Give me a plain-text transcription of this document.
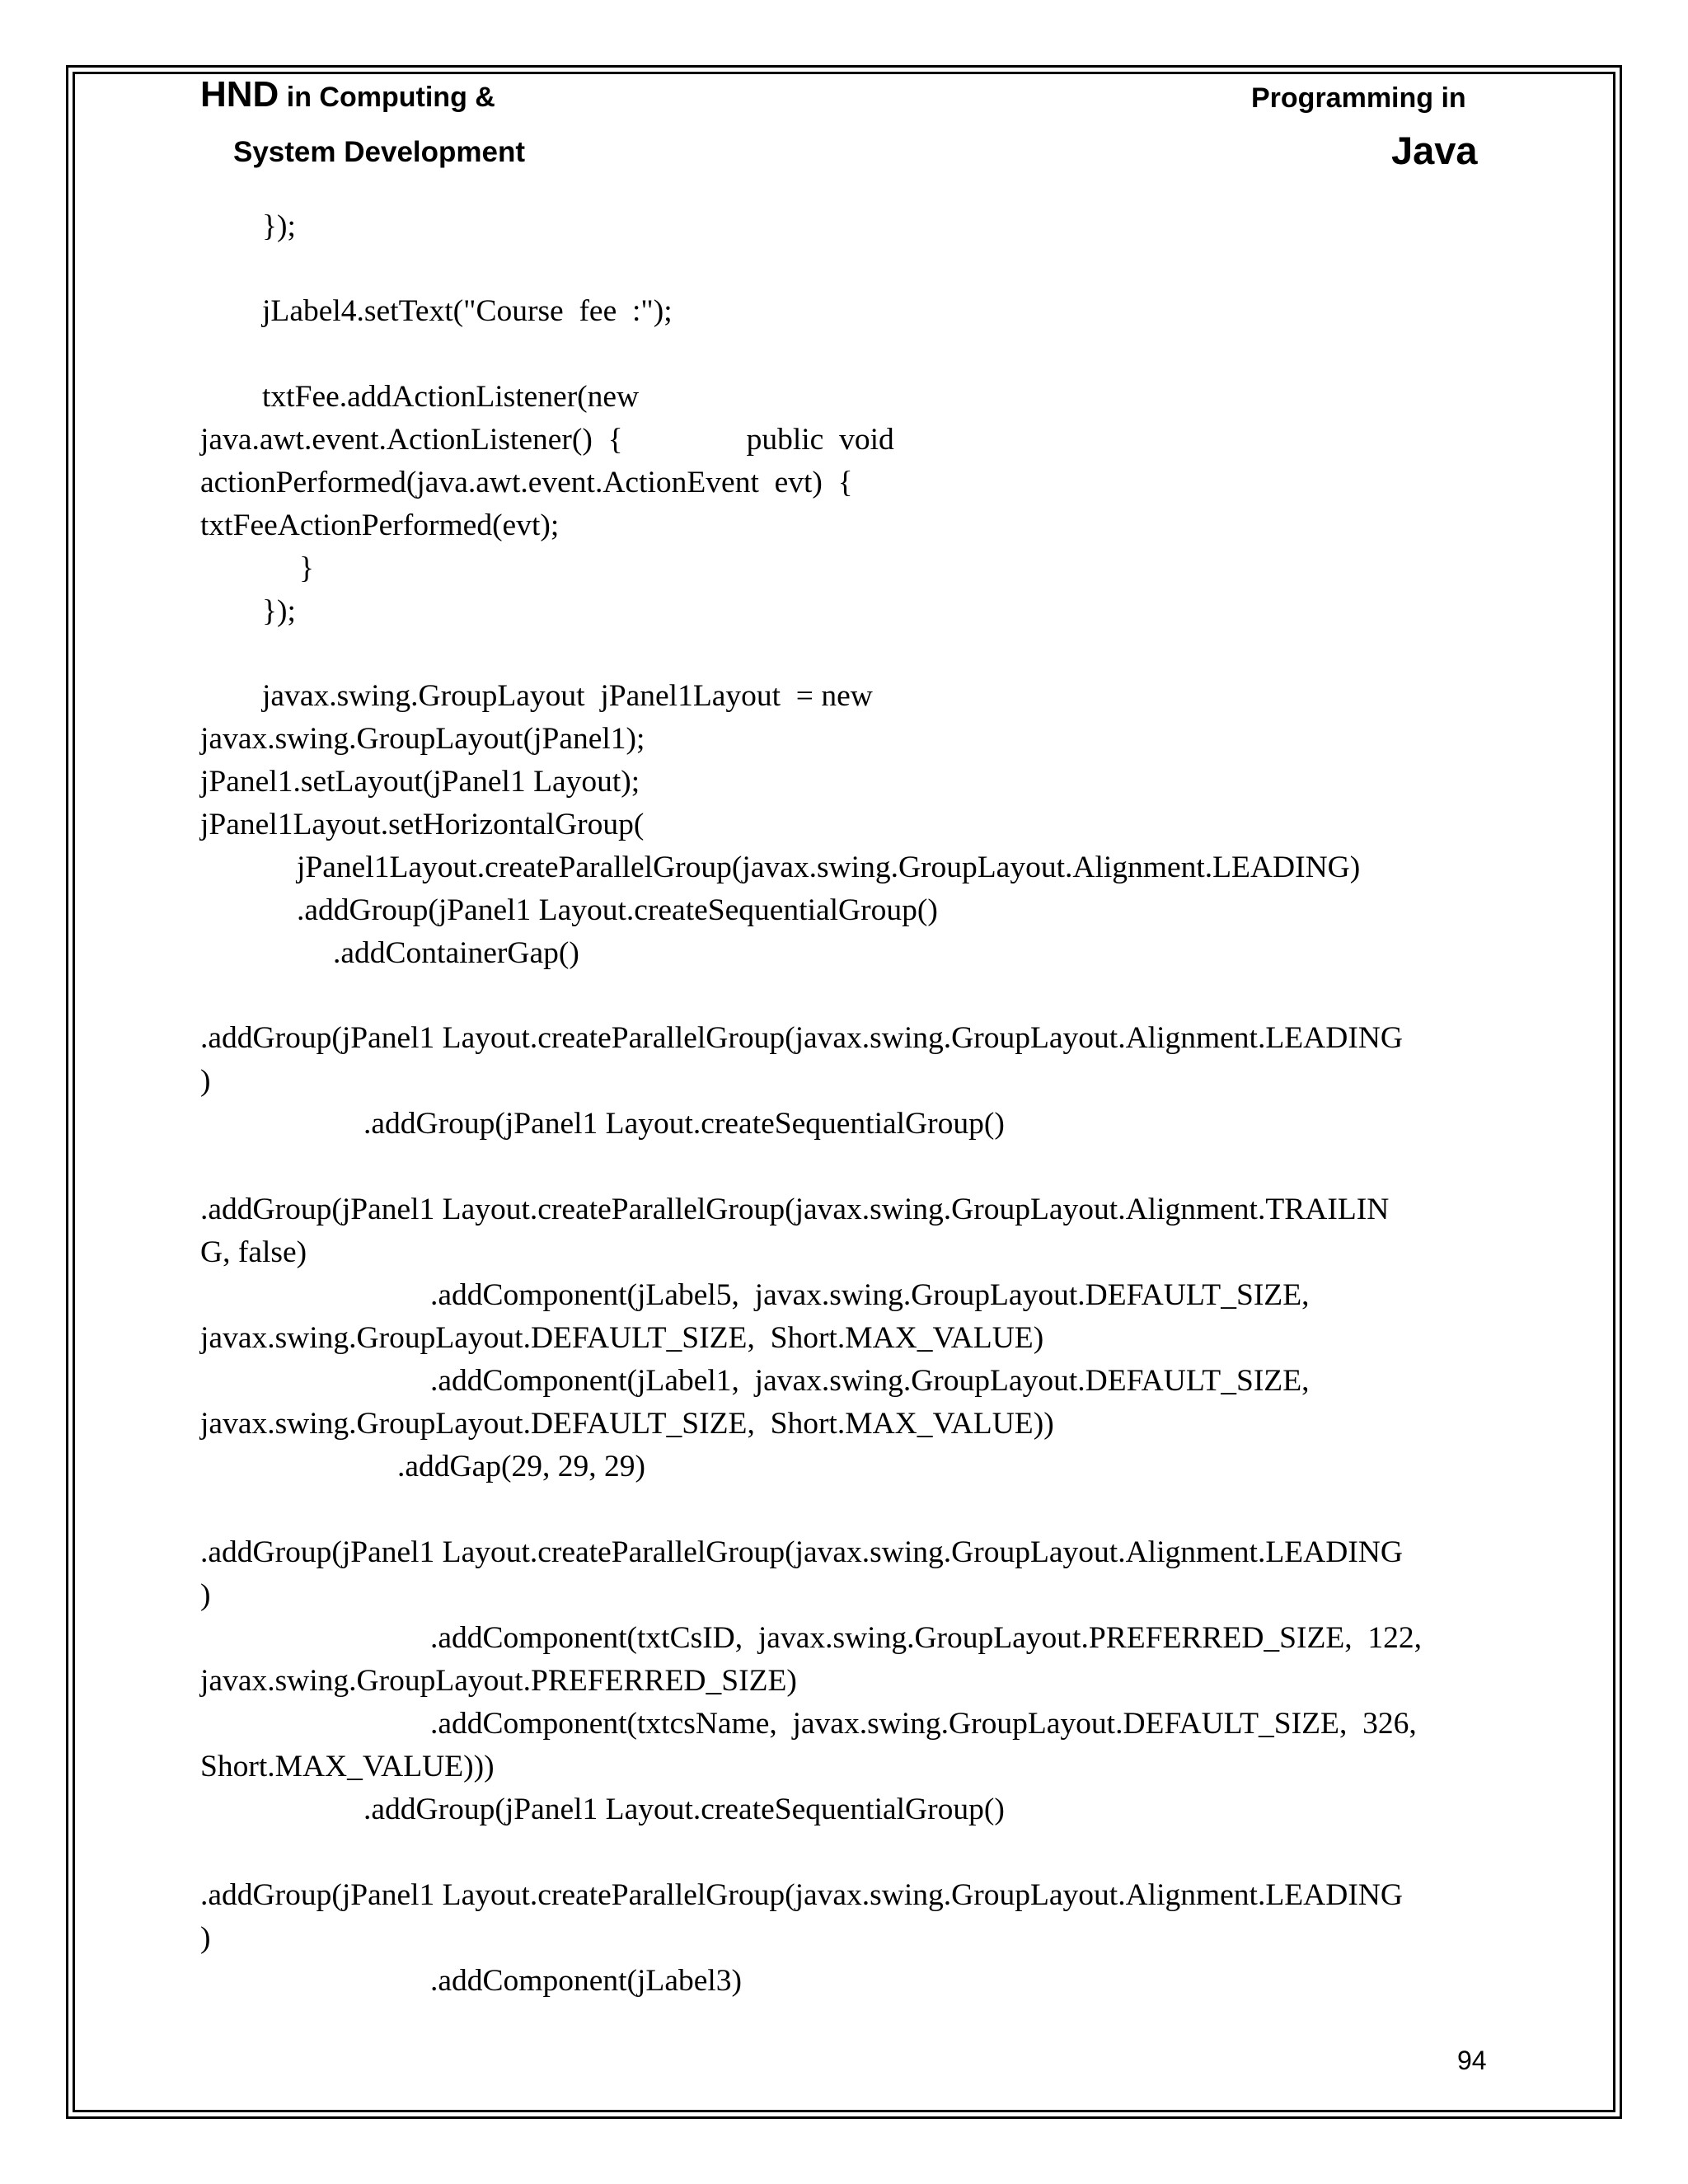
HND in Computing &
System Development
Programming in
Java
});
jLabel4.setText("Course  fee  :");
txtFee.addActionListener(new
java.awt.event.ActionListener()  {                public  void
actionPerformed(java.awt.event.ActionEvent  evt)  {
txtFeeActionPerformed(evt);
}
});
javax.swing.GroupLayout  jPanel1Layout  = new
javax.swing.GroupLayout(jPanel1);
jPanel1.setLayout(jPanel1 Layout);
jPanel1Layout.setHorizontalGroup(
jPanel1Layout.createParallelGroup(javax.swing.GroupLayout.Alignment.LEADING)
.addGroup(jPanel1 Layout.createSequentialGroup()
.addContainerGap()
.addGroup(jPanel1 Layout.createParallelGroup(javax.swing.GroupLayout.Alignment.LEADING
)
.addGroup(jPanel1 Layout.createSequentialGroup()
.addGroup(jPanel1 Layout.createParallelGroup(javax.swing.GroupLayout.Alignment.TRAILIN
G, false)
.addComponent(jLabel5,  javax.swing.GroupLayout.DEFAULT_SIZE,
javax.swing.GroupLayout.DEFAULT_SIZE,  Short.MAX_VALUE)
.addComponent(jLabel1,  javax.swing.GroupLayout.DEFAULT_SIZE,
javax.swing.GroupLayout.DEFAULT_SIZE,  Short.MAX_VALUE))
.addGap(29, 29, 29)
.addGroup(jPanel1 Layout.createParallelGroup(javax.swing.GroupLayout.Alignment.LEADING
)
.addComponent(txtCsID,  javax.swing.GroupLayout.PREFERRED_SIZE,  122,
javax.swing.GroupLayout.PREFERRED_SIZE)
.addComponent(txtcsName,  javax.swing.GroupLayout.DEFAULT_SIZE,  326,
Short.MAX_VALUE)))
.addGroup(jPanel1 Layout.createSequentialGroup()
.addGroup(jPanel1 Layout.createParallelGroup(javax.swing.GroupLayout.Alignment.LEADING
)
.addComponent(jLabel3)
94
